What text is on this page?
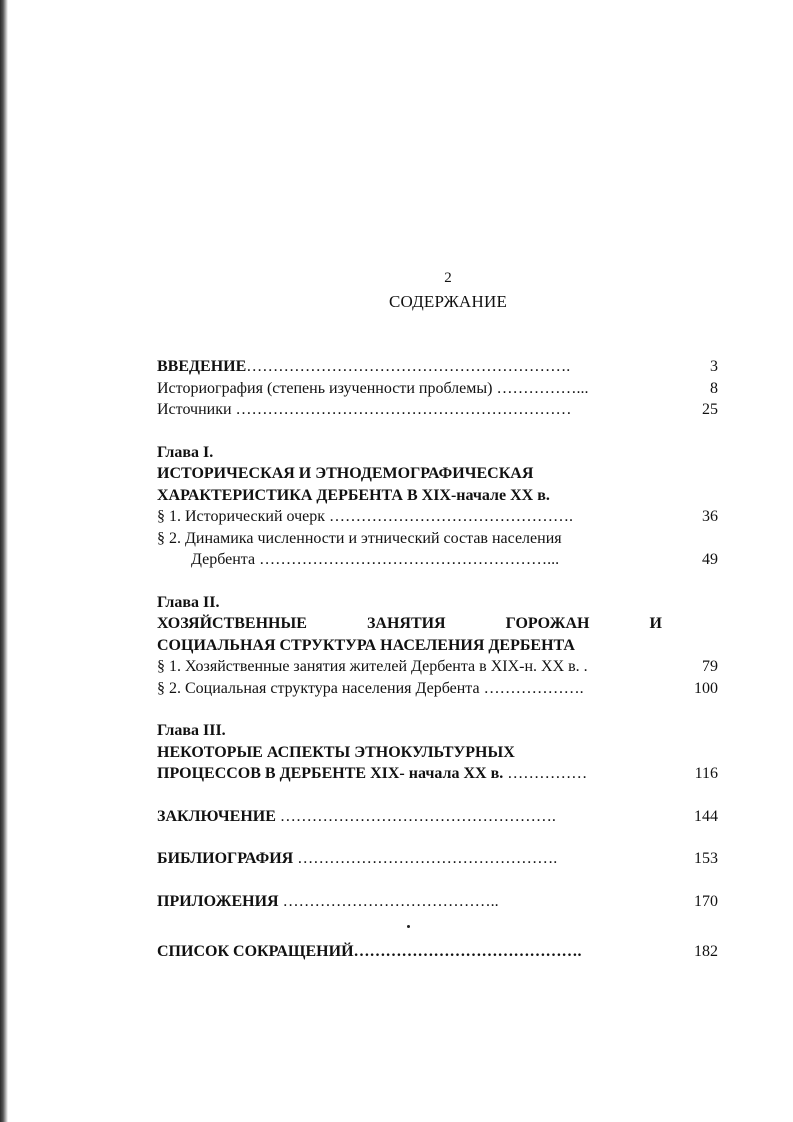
2
СОДЕРЖАНИЕ
ВВЕДЕНИЕ…………………………………………………….	3
Историография (степень изученности проблемы) ……………...	8
Источники ………………………………………………………	25
Глава I.
ИСТОРИЧЕСКАЯ И ЭТНОДЕМОГРАФИЧЕСКАЯ
ХАРАКТЕРИСТИКА ДЕРБЕНТА В XIX-начале XX в.
§ 1. Исторический очерк ……………………………………….	36
§ 2. Динамика численности и этнический состав населения
Дербента ………………………………………………...	49
Глава II.
ХОЗЯЙСТВЕННЫЕ	ЗАНЯТИЯ	ГОРОЖАН	И
СОЦИАЛЬНАЯ СТРУКТУРА НАСЕЛЕНИЯ ДЕРБЕНТА
§ 1. Хозяйственные занятия жителей Дербента в XIX-н. XX в. .	79
§ 2. Социальная структура населения Дербента ……………….	100
Глава III.
НЕКОТОРЫЕ АСПЕКТЫ ЭТНОКУЛЬТУРНЫХ
ПРОЦЕССОВ В ДЕРБЕНТЕ XIX- начала XX в. ……………	116
ЗАКЛЮЧЕНИЕ …………………………………………….	144
БИБЛИОГРАФИЯ ………………………………………….	153
ПРИЛОЖЕНИЯ …………………………………..	170
СПИСОК СОКРАЩЕНИЙ…………………………………….	182
